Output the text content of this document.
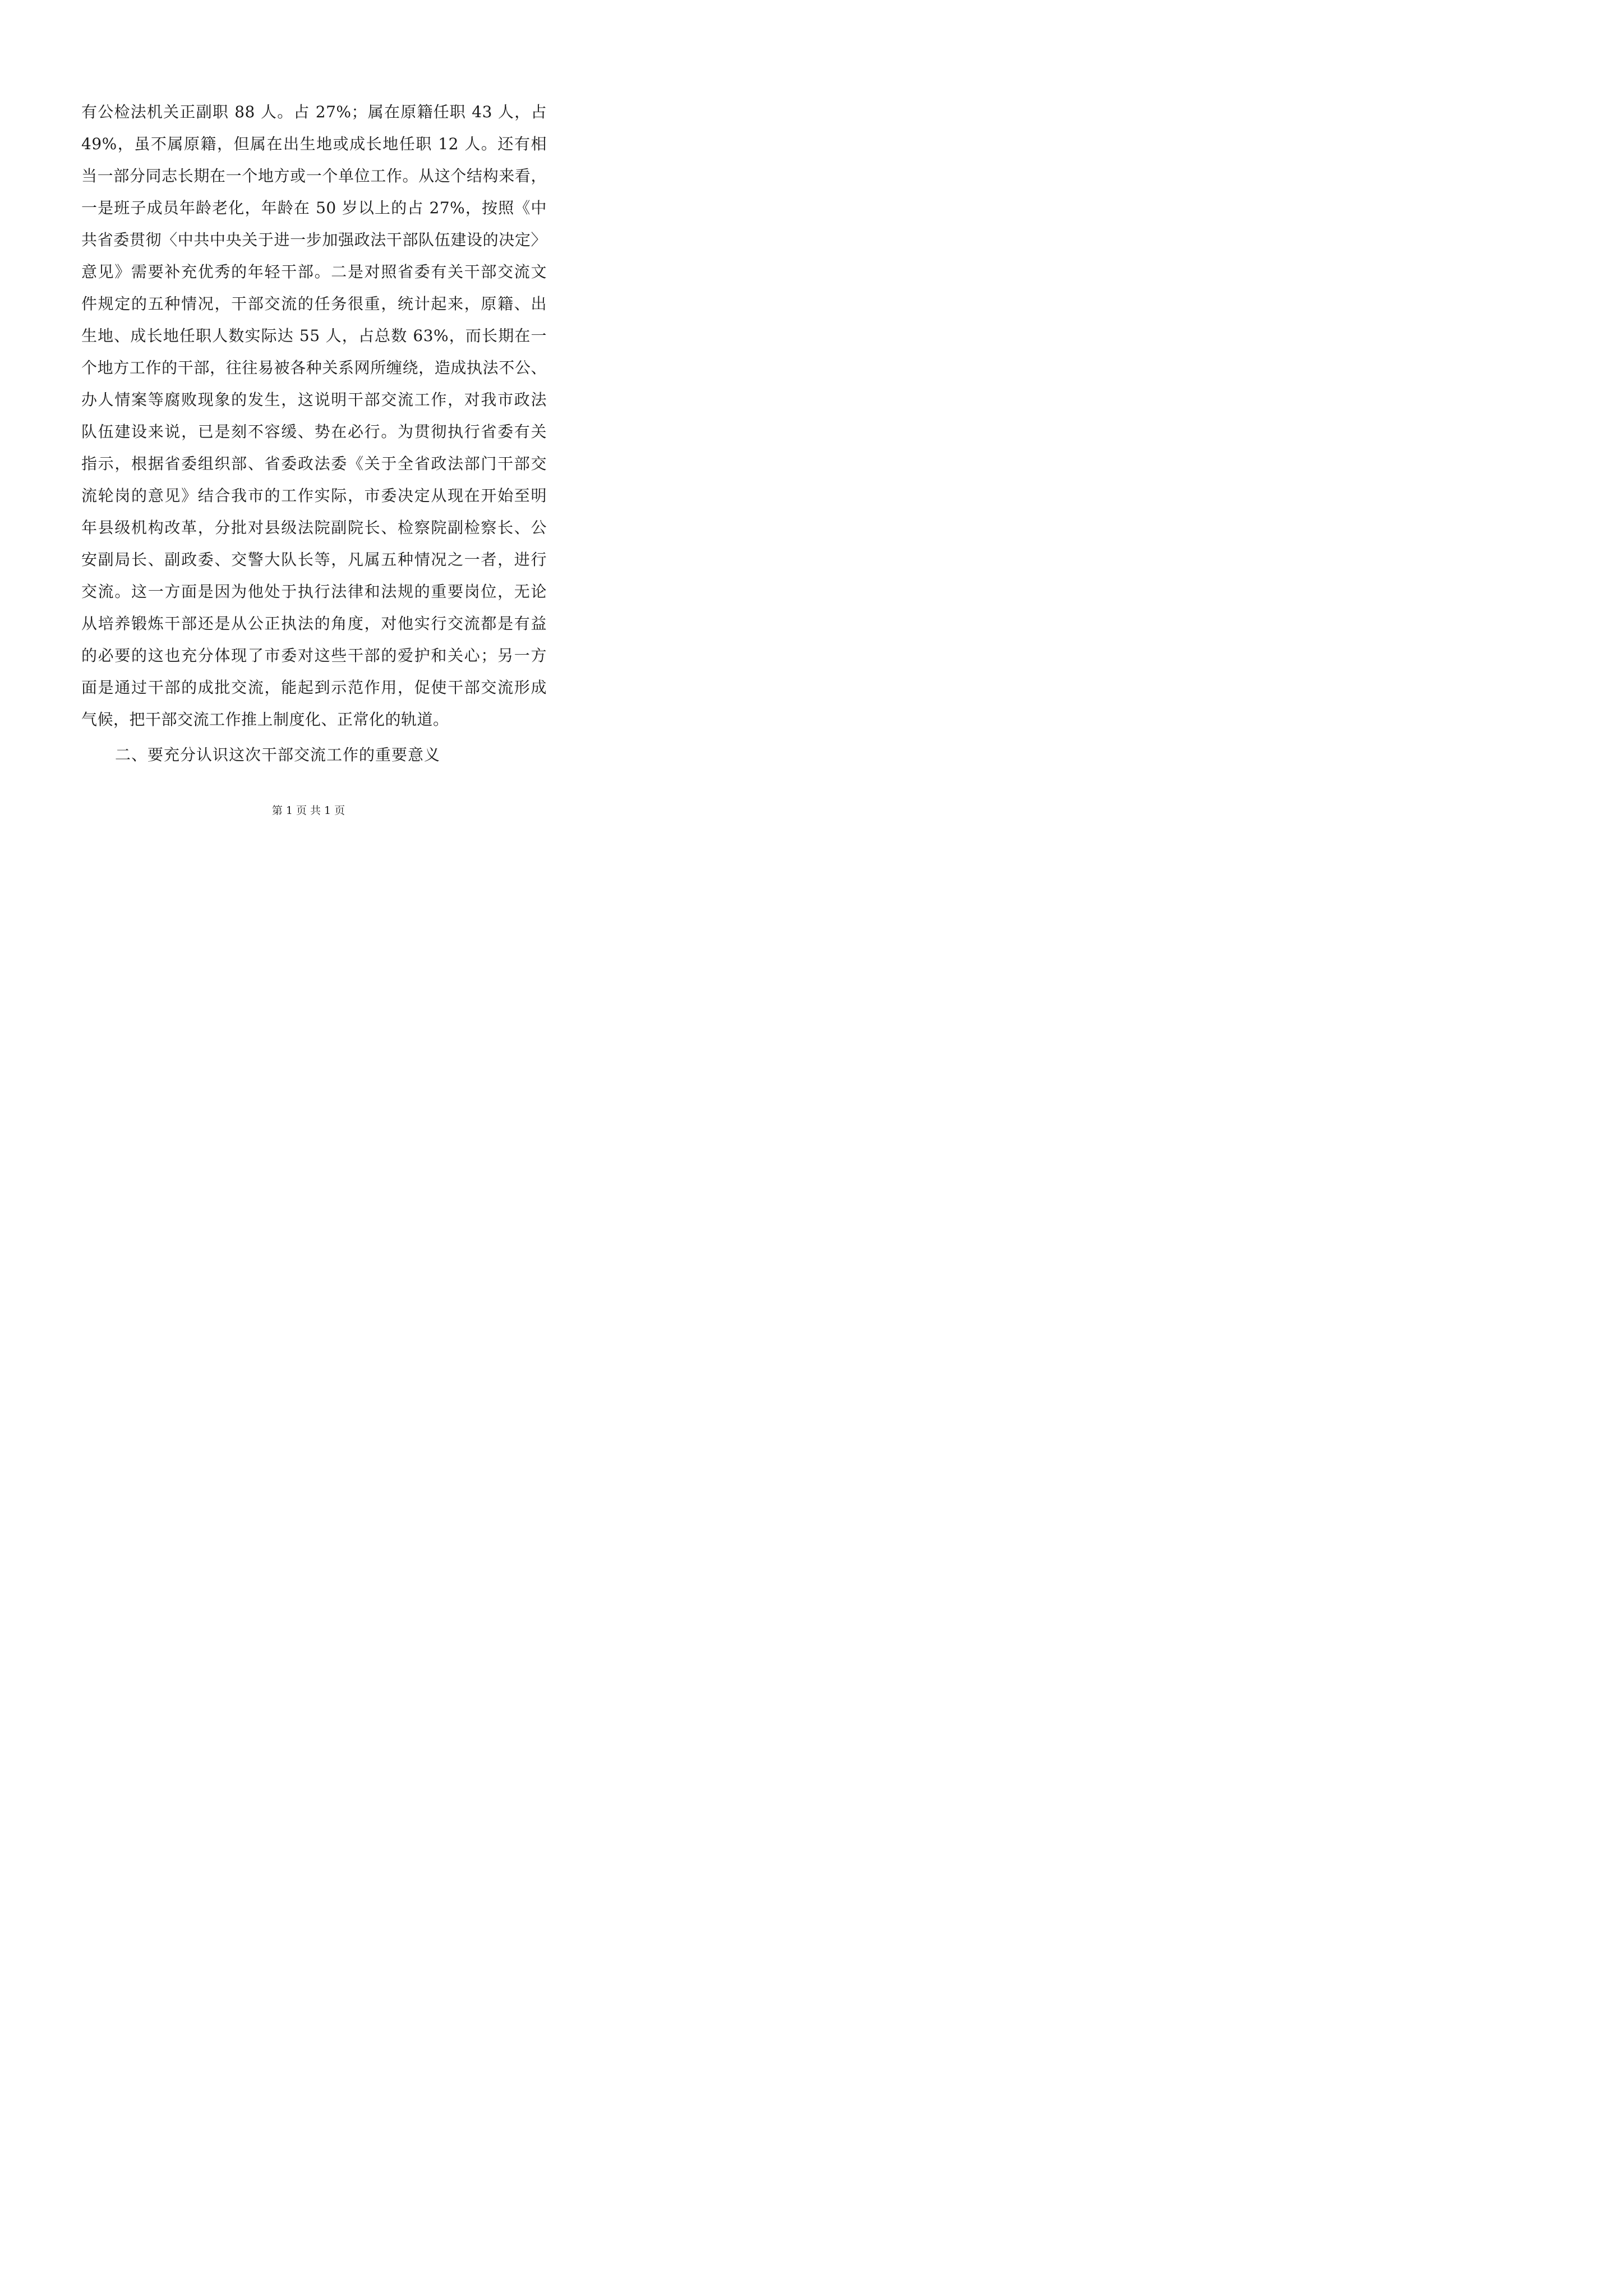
有公检法机关正副职 88 人。占 27%；属在原籍任职 43 人，占
49%，虽不属原籍，但属在出生地或成长地任职 12 人。还有相
当一部分同志长期在一个地方或一个单位工作。从这个结构来看，
一是班子成员年龄老化，年龄在 50 岁以上的占 27%，按照《中
共省委贯彻〈中共中央关于进一步加强政法干部队伍建设的决定〉
意见》需要补充优秀的年轻干部。二是对照省委有关干部交流文
件规定的五种情况，干部交流的任务很重，统计起来，原籍、出
生地、成长地任职人数实际达 55 人，占总数 63%，而长期在一
个地方工作的干部，往往易被各种关系网所缠绕，造成执法不公、
办人情案等腐败现象的发生，这说明干部交流工作，对我市政法
队伍建设来说，已是刻不容缓、势在必行。为贯彻执行省委有关
指示，根据省委组织部、省委政法委《关于全省政法部门干部交
流轮岗的意见》结合我市的工作实际，市委决定从现在开始至明
年县级机构改革，分批对县级法院副院长、检察院副检察长、公
安副局长、副政委、交警大队长等，凡属五种情况之一者，进行
交流。这一方面是因为他处于执行法律和法规的重要岗位，无论
从培养锻炼干部还是从公正执法的角度，对他实行交流都是有益
的必要的这也充分体现了市委对这些干部的爱护和关心；另一方
面是通过干部的成批交流，能起到示范作用，促使干部交流形成
气候，把干部交流工作推上制度化、正常化的轨道。
二、要充分认识这次干部交流工作的重要意义
第 1 页 共 1 页
